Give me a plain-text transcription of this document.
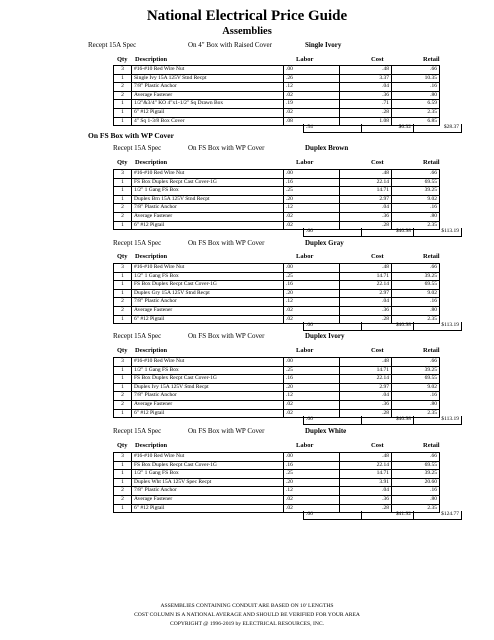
National Electrical Price Guide
Assemblies
Recept 15A Spec	On 4" Box with Raised Cover	Single Ivory
Qty Description	Labor	Cost	Retail
3	#16-#10 Red Wire Nut	.00	.48	.66
1	Single Ivy 15A 125V Stnd Recpt	.26	3.37	10.35
2	7/8" Plastic Anchor	.12	.04	.16
2	Average Fastener	.02	.36	.80
1	1/2"&3/4" KO 4"x1-1/2" Sq Drawn Box	.19	.71	6.59
1	6" #12 Pigtail	.02	.28	2.35
1	4" Sq 1-3/8 Box Cover	.08	1.08	6.85
.54	$6.32	$28.37
On FS Box with WP Cover
Recept 15A Spec	On FS Box with WP Cover	Duplex Brown
Qty Description	Labor	Cost	Retail
3	#16-#10 Red Wire Nut	.00	.48	.66
1	FS Box Duplex Recpt Cast Cover-1G	.16	22.14	69.55
1	1/2" 1 Gang FS Box	.25	14.71	39.25
1	Duplex Brn 15A 125V Stnd Recpt	.20	2.97	9.02
2	7/8" Plastic Anchor	.12	.04	.16
2	Average Fastener	.02	.36	.80
1	6" #12 Pigtail	.02	.28	2.35
.66	$40.98	$113.19
Recept 15A Spec	On FS Box with WP Cover	Duplex Gray
Qty Description	Labor	Cost	Retail
3	#16-#10 Red Wire Nut	.00	.48	.66
1	1/2" 1 Gang FS Box	.25	14.71	39.25
1	FS Box Duplex Recpt Cast Cover-1G	.16	22.14	69.55
1	Duplex Gry 15A 125V Stnd Recpt	.20	2.97	9.02
2	7/8" Plastic Anchor	.12	.04	.16
2	Average Fastener	.02	.36	.80
1	6" #12 Pigtail	.02	.28	2.35
.66	$40.98	$113.19
Recept 15A Spec	On FS Box with WP Cover	Duplex Ivory
Qty Description	Labor	Cost	Retail
3	#16-#10 Red Wire Nut	.00	.48	.66
1	1/2" 1 Gang FS Box	.25	14.71	39.25
1	FS Box Duplex Recpt Cast Cover-1G	.16	22.14	69.55
1	Duplex Ivy 15A 125V Stnd Recpt	.20	2.97	9.02
2	7/8" Plastic Anchor	.12	.04	.16
2	Average Fastener	.02	.36	.80
1	6" #12 Pigtail	.02	.28	2.35
.66	$40.98	$113.19
Recept 15A Spec	On FS Box with WP Cover	Duplex White
Qty Description	Labor	Cost	Retail
3	#16-#10 Red Wire Nut	.00	.48	.66
1	FS Box Duplex Recpt Cast Cover-1G	.16	22.14	69.55
1	1/2" 1 Gang FS Box	.25	14.71	39.25
1	Duplex Wht 15A 125V Spec Recpt	.20	3.91	20.60
2	7/8" Plastic Anchor	.12	.04	.16
2	Average Fastener	.02	.36	.80
1	6" #12 Pigtail	.02	.28	2.35
.66	$41.92	$124.77
ASSEMBLIES CONTAINING CONDUIT ARE BASED ON 10' LENGTHS
COST COLUMN IS A NATIONAL AVERAGE AND SHOULD BE VERIFIED FOR YOUR AREA
COPYRIGHT @ 1996-2019 by ELECTRICAL RESOURCES, INC.
